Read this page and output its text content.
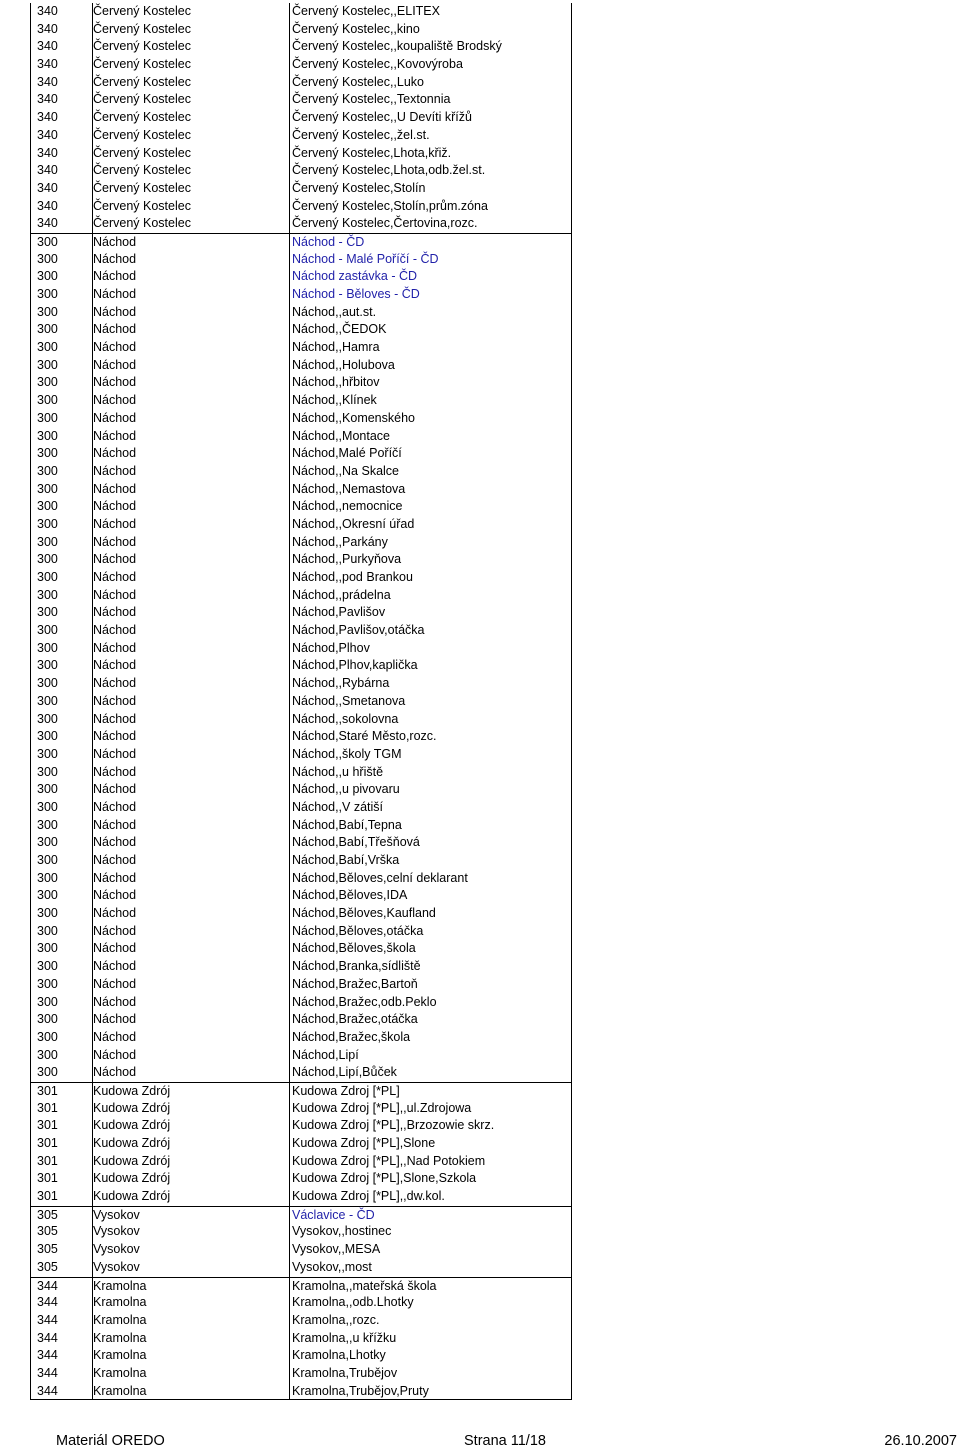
340	Červený Kostelec	Červený Kostelec,,ELITEX
340	Červený Kostelec	Červený Kostelec,,kino
340	Červený Kostelec	Červený Kostelec,,koupaliště Brodský
340	Červený Kostelec	Červený Kostelec,,Kovovýroba
340	Červený Kostelec	Červený Kostelec,,Luko
340	Červený Kostelec	Červený Kostelec,,Textonnia
340	Červený Kostelec	Červený Kostelec,,U Devíti křížů
340	Červený Kostelec	Červený Kostelec,,žel.st.
340	Červený Kostelec	Červený Kostelec,Lhota,křiž.
340	Červený Kostelec	Červený Kostelec,Lhota,odb.žel.st.
340	Červený Kostelec	Červený Kostelec,Stolín
340	Červený Kostelec	Červený Kostelec,Stolín,prům.zóna
340	Červený Kostelec	Červený Kostelec,Čertovina,rozc.
300	Náchod	Náchod - ČD
300	Náchod	Náchod - Malé Poříčí - ČD
300	Náchod	Náchod zastávka - ČD
300	Náchod	Náchod - Běloves - ČD
300	Náchod	Náchod,,aut.st.
300	Náchod	Náchod,,ČEDOK
300	Náchod	Náchod,,Hamra
300	Náchod	Náchod,,Holubova
300	Náchod	Náchod,,hřbitov
300	Náchod	Náchod,,Klínek
300	Náchod	Náchod,,Komenského
300	Náchod	Náchod,,Montace
300	Náchod	Náchod,Malé Poříčí
300	Náchod	Náchod,,Na Skalce
300	Náchod	Náchod,,Nemastova
300	Náchod	Náchod,,nemocnice
300	Náchod	Náchod,,Okresní úřad
300	Náchod	Náchod,,Parkány
300	Náchod	Náchod,,Purkyňova
300	Náchod	Náchod,,pod Brankou
300	Náchod	Náchod,,prádelna
300	Náchod	Náchod,Pavlišov
300	Náchod	Náchod,Pavlišov,otáčka
300	Náchod	Náchod,Plhov
300	Náchod	Náchod,Plhov,kaplička
300	Náchod	Náchod,,Rybárna
300	Náchod	Náchod,,Smetanova
300	Náchod	Náchod,,sokolovna
300	Náchod	Náchod,Staré Město,rozc.
300	Náchod	Náchod,,školy TGM
300	Náchod	Náchod,,u hřiště
300	Náchod	Náchod,,u pivovaru
300	Náchod	Náchod,,V zátiší
300	Náchod	Náchod,Babí,Tepna
300	Náchod	Náchod,Babí,Třešňová
300	Náchod	Náchod,Babí,Vrška
300	Náchod	Náchod,Běloves,celní deklarant
300	Náchod	Náchod,Běloves,IDA
300	Náchod	Náchod,Běloves,Kaufland
300	Náchod	Náchod,Běloves,otáčka
300	Náchod	Náchod,Běloves,škola
300	Náchod	Náchod,Branka,sídliště
300	Náchod	Náchod,Bražec,Bartoň
300	Náchod	Náchod,Bražec,odb.Peklo
300	Náchod	Náchod,Bražec,otáčka
300	Náchod	Náchod,Bražec,škola
300	Náchod	Náchod,Lipí
300	Náchod	Náchod,Lipí,Bůček
301	Kudowa Zdrój	Kudowa Zdroj [*PL]
301	Kudowa Zdrój	Kudowa Zdroj [*PL],,ul.Zdrojowa
301	Kudowa Zdrój	Kudowa Zdroj [*PL],,Brzozowie skrz.
301	Kudowa Zdrój	Kudowa Zdroj [*PL],Slone
301	Kudowa Zdrój	Kudowa Zdroj [*PL],,Nad Potokiem
301	Kudowa Zdrój	Kudowa Zdroj [*PL],Slone,Szkola
301	Kudowa Zdrój	Kudowa Zdroj [*PL],,dw.kol.
305	Vysokov	Václavice - ČD
305	Vysokov	Vysokov,,hostinec
305	Vysokov	Vysokov,,MESA
305	Vysokov	Vysokov,,most
344	Kramolna	Kramolna,,mateřská škola
344	Kramolna	Kramolna,,odb.Lhotky
344	Kramolna	Kramolna,,rozc.
344	Kramolna	Kramolna,,u křížku
344	Kramolna	Kramolna,Lhotky
344	Kramolna	Kramolna,Trubějov
344	Kramolna	Kramolna,Trubějov,Pruty
Materiál OREDO	Strana 11/18	26.10.2007
